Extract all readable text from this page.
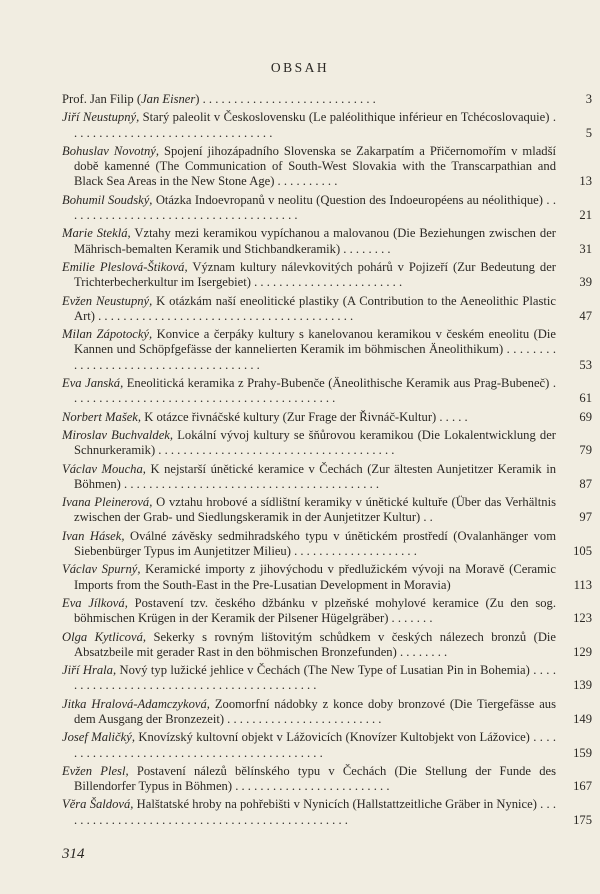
OBSAH
Prof. Jan Filip (Jan Eisner) . . . . . . . . . . . . . . . . . . . . . . . . . . . .	3
Jiří Neustupný, Starý paleolit v Československu (Le paléolithique inférieur en Tchécoslovaquie) . . . . . . . . . . . . . . . . . . . . . . . . . . . . . . . . .	5
Bohuslav Novotný, Spojení jihozápadního Slovenska se Zakarpatím a Přičernomořím v mladší době kamenné (The Communication of South-West Slovakia with the Transcarpathian and Black Sea Areas in the New Stone Age) . . . . . . . . . .	13
Bohumil Soudský, Otázka Indoevropanů v neolitu (Question des Indoeuropéens au néolithique) . . . . . . . . . . . . . . . . . . . . . . . . . . . . . . . . . . . . . .	21
Marie Steklá, Vztahy mezi keramikou vypíchanou a malovanou (Die Beziehungen zwischen der Mährisch-bemalten Keramik und Stichbandkeramik) . . . . . . . .	31
Emilie Pleslová-Štiková, Význam kultury nálevkovitých pohárů v Pojizeří (Zur Bedeutung der Trichterbecherkultur im Isergebiet) . . . . . . . . . . . . . . . . . . . . . . . .	39
Evžen Neustupný, K otázkám naší eneolitické plastiky (A Contribution to the Aeneolithic Plastic Art) . . . . . . . . . . . . . . . . . . . . . . . . . . . . . . . . . . . . . . . . .	47
Milan Zápotocký, Konvice a čerpáky kultury s kanelovanou keramikou v českém eneolitu (Die Kannen und Schöpfgefässe der kannelierten Keramik im böhmischen Äneolithikum) . . . . . . . . . . . . . . . . . . . . . . . . . . . . . . . . . . . . . .	53
Eva Janská, Eneolitická keramika z Prahy-Bubenče (Äneolithische Keramik aus Prag-Bubeneč) . . . . . . . . . . . . . . . . . . . . . . . . . . . . . . . . . . . . . . . . . . .	61
Norbert Mašek, K otázce řivnáčské kultury (Zur Frage der Řivnáč-Kultur) . . . . .	69
Miroslav Buchvaldek, Lokální vývoj kultury se šňůrovou keramikou (Die Lokalentwicklung der Schnurkeramik) . . . . . . . . . . . . . . . . . . . . . . . . . . . . . . . . . . . . . .	79
Václav Moucha, K nejstarší únětické keramice v Čechách (Zur ältesten Aunjetitzer Keramik in Böhmen) . . . . . . . . . . . . . . . . . . . . . . . . . . . . . . . . . . . . . . . . .	87
Ivana Pleinerová, O vztahu hrobové a sídlištní keramiky v únětické kultuře (Über das Verhältnis zwischen der Grab- und Siedlungskeramik in der Aunjetitzer Kultur) . .	97
Ivan Hásek, Oválné závěsky sedmihradského typu v únětickém prostředí (Ovalanhänger vom Siebenbürger Typus im Aunjetitzer Milieu) . . . . . . . . . . . . . . . . . . . .	105
Václav Spurný, Keramické importy z jihovýchodu v předlužickém vývoji na Moravě (Ceramic Imports from the South-East in the Pre-Lusatian Development in Moravia)	113
Eva Jílková, Postavení tzv. českého džbánku v plzeňské mohylové keramice (Zu den sog. böhmischen Krügen in der Keramik der Pilsener Hügelgräber) . . . . . . .	123
Olga Kytlicová, Sekerky s rovným lištovitým schůdkem v českých nálezech bronzů (Die Absatzbeile mit gerader Rast in den böhmischen Bronzefunden) . . . . . . . .	129
Jiří Hrala, Nový typ lužické jehlice v Čechách (The New Type of Lusatian Pin in Bohemia) . . . . . . . . . . . . . . . . . . . . . . . . . . . . . . . . . . . . . . . . . . .	139
Jitka Hralová-Adamczyková, Zoomorfní nádobky z konce doby bronzové (Die Tiergefässe aus dem Ausgang der Bronzezeit) . . . . . . . . . . . . . . . . . . . . . . . . .	149
Josef Maličký, Knovízský kultovní objekt v Lážovicích (Knovízer Kultobjekt von Lážovice) . . . . . . . . . . . . . . . . . . . . . . . . . . . . . . . . . . . . . . . . . . . .	159
Evžen Plesl, Postavení nálezů bělínského typu v Čechách (Die Stellung der Funde des Billendorfer Typus in Böhmen) . . . . . . . . . . . . . . . . . . . . . . . . .	167
Věra Šaldová, Halštatské hroby na pohřebišti v Nynicích (Hallstattzeitliche Gräber in Nynice) . . . . . . . . . . . . . . . . . . . . . . . . . . . . . . . . . . . . . . . . . . . . . . .	175
314
